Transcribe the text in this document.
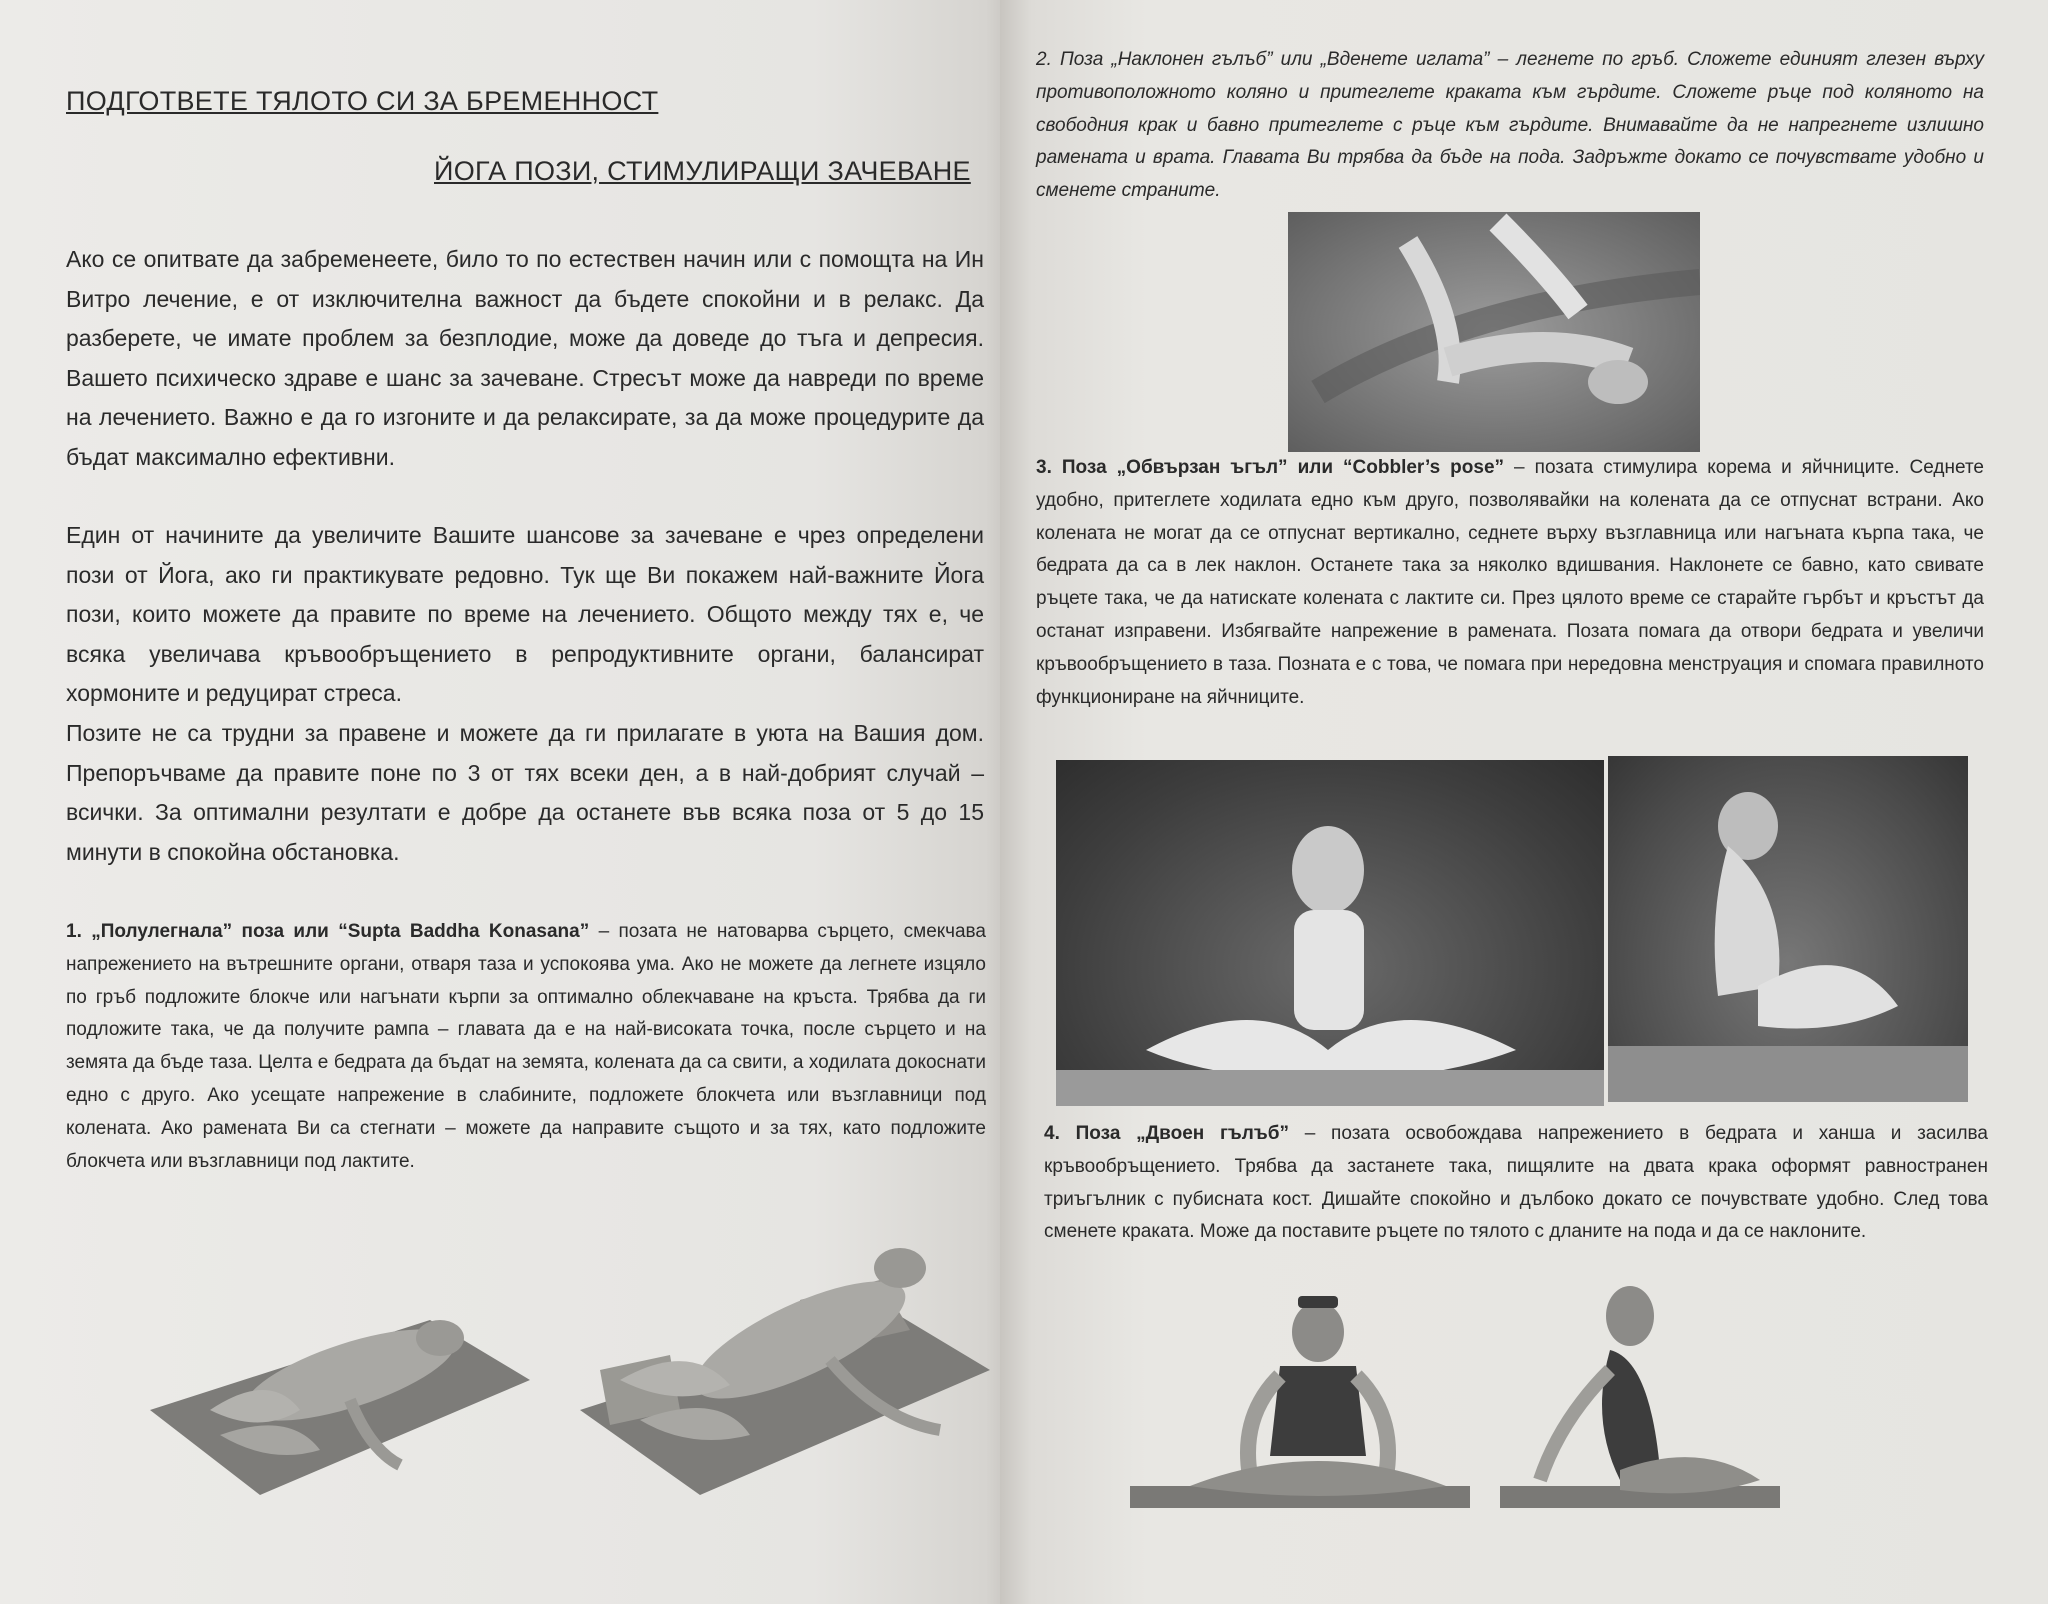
ПОДГОТВЕТЕ ТЯЛОТО СИ ЗА БРЕМЕННОСТ
ЙОГА ПОЗИ, СТИМУЛИРАЩИ ЗАЧЕВАНЕ

Ако се опитвате да забременеете, било то по естествен начин или с помощта на Ин Витро лечение, е от изключителна важност да бъдете спокойни и в релакс. Да разберете, че имате проблем за безплодие, може да доведе до тъга и депресия. Вашето психическо здраве е шанс за зачеване. Стресът може да навреди по време на лечението. Важно е да го изгоните и да релаксирате, за да може процедурите да бъдат максимално ефективни.

Един от начините да увеличите Вашите шансове за зачеване е чрез определени пози от Йога, ако ги практикувате редовно. Тук ще Ви покажем най-важните Йога пози, които можете да правите по време на лечението. Общото между тях е, че всяка увеличава кръвообръщението в репродуктивните органи, балансират хормоните и редуцират стреса.

Позите не са трудни за правене и можете да ги прилагате в уюта на Вашия дом. Препоръчваме да правите поне по 3 от тях всеки ден, а в най-добрият случай – всички. За оптимални резултати е добре да останете във всяка поза от 5 до 15 минути в спокойна обстановка.

1. „Полулегнала” поза или “Supta Baddha Konasana” – позата не натоварва сърцето, смекчава напрежението на вътрешните органи, отваря таза и успокоява ума. Ако не можете да легнете изцяло по гръб подложите блокче или нагънати кърпи за оптимално облекчаване на кръста. Трябва да ги подложите така, че да получите рампа – главата да е на най-високата точка, после сърцето и на земята да бъде таза. Целта е бедрата да бъдат на земята, колената да са свити, а ходилата докоснати едно с друго. Ако усещате напрежение в слабините, подложете блокчета или възглавници под колената. Ако рамената Ви са стегнати – можете да направите същото и за тях, като подложите блокчета или възглавници под лактите.

2. Поза „Наклонен гълъб” или „Вденете иглата” – легнете по гръб. Сложете единият глезен върху противоположното коляно и притеглете краката към гърдите. Сложете ръце под коляното на свободния крак и бавно притеглете с ръце към гърдите. Внимавайте да не напрегнете излишно рамената и врата. Главата Ви трябва да бъде на пода. Задръжте докато се почувствате удобно и сменете страните.

3. Поза „Обвързан ъгъл” или “Cobbler’s pose” – позата стимулира корема и яйчниците. Седнете удобно, притеглете ходилата едно към друго, позволявайки на колената да се отпуснат встрани. Ако колената не могат да се отпуснат вертикално, седнете върху възглавница или нагъната кърпа така, че бедрата да са в лек наклон. Останете така за няколко вдишвания. Наклонете се бавно, като свивате ръцете така, че да натискате колената с лактите си. През цялото време се старайте гърбът и кръстът да останат изправени. Избягвайте напрежение в рамената. Позата помага да отвори бедрата и увеличи кръвообръщението в таза. Позната е с това, че помага при нередовна менструация и спомага правилното функциониране на яйчниците.

4. Поза „Двоен гълъб” – позата освобождава напрежението в бедрата и ханша и засилва кръвообръщението. Трябва да застанете така, пищялите на двата крака оформят равностранен триъгълник с пубисната кост. Дишайте спокойно и дълбоко докато се почувствате удобно. След това сменете краката. Може да поставите ръцете по тялото с дланите на пода и да се наклоните.
